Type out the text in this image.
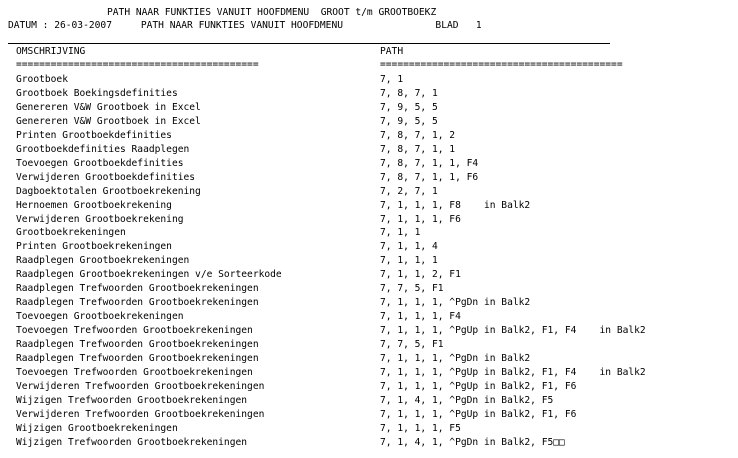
PATH NAAR FUNKTIES VANUIT HOOFDMENU  GROOT t/m GROOTBOEKZ
DATUM : 26-03-2007     PATH NAAR FUNKTIES VANUIT HOOFDMENU                BLAD   1
OMSCHRIJVING	PATH
==========================================	==========================================
Grootboek	7, 1
Grootboek Boekingsdefinities	7, 8, 7, 1
Genereren V&W Grootboek in Excel	7, 9, 5, 5
Genereren V&W Grootboek in Excel	7, 9, 5, 5
Printen Grootboekdefinities	7, 8, 7, 1, 2
Grootboekdefinities Raadplegen	7, 8, 7, 1, 1
Toevoegen Grootboekdefinities	7, 8, 7, 1, 1, F4
Verwijderen Grootboekdefinities	7, 8, 7, 1, 1, F6
Dagboektotalen Grootboekrekening	7, 2, 7, 1
Hernoemen Grootboekrekening	7, 1, 1, 1, F8    in Balk2
Verwijderen Grootboekrekening	7, 1, 1, 1, F6
Grootboekrekeningen	7, 1, 1
Printen Grootboekrekeningen	7, 1, 1, 4
Raadplegen Grootboekrekeningen	7, 1, 1, 1
Raadplegen Grootboekrekeningen v/e Sorteerkode	7, 1, 1, 2, F1
Raadplegen Trefwoorden Grootboekrekeningen	7, 7, 5, F1
Raadplegen Trefwoorden Grootboekrekeningen	7, 1, 1, 1, ^PgDn in Balk2
Toevoegen Grootboekrekeningen	7, 1, 1, 1, F4
Toevoegen Trefwoorden Grootboekrekeningen	7, 1, 1, 1, ^PgUp in Balk2, F1, F4    in Balk2
Raadplegen Trefwoorden Grootboekrekeningen	7, 7, 5, F1
Raadplegen Trefwoorden Grootboekrekeningen	7, 1, 1, 1, ^PgDn in Balk2
Toevoegen Trefwoorden Grootboekrekeningen	7, 1, 1, 1, ^PgUp in Balk2, F1, F4    in Balk2
Verwijderen Trefwoorden Grootboekrekeningen	7, 1, 1, 1, ^PgUp in Balk2, F1, F6
Wijzigen Trefwoorden Grootboekrekeningen	7, 1, 4, 1, ^PgDn in Balk2, F5
Verwijderen Trefwoorden Grootboekrekeningen	7, 1, 1, 1, ^PgUp in Balk2, F1, F6
Wijzigen Grootboekrekeningen	7, 1, 1, 1, F5
Wijzigen Trefwoorden Grootboekrekeningen	7, 1, 4, 1, ^PgDn in Balk2, F5□□
